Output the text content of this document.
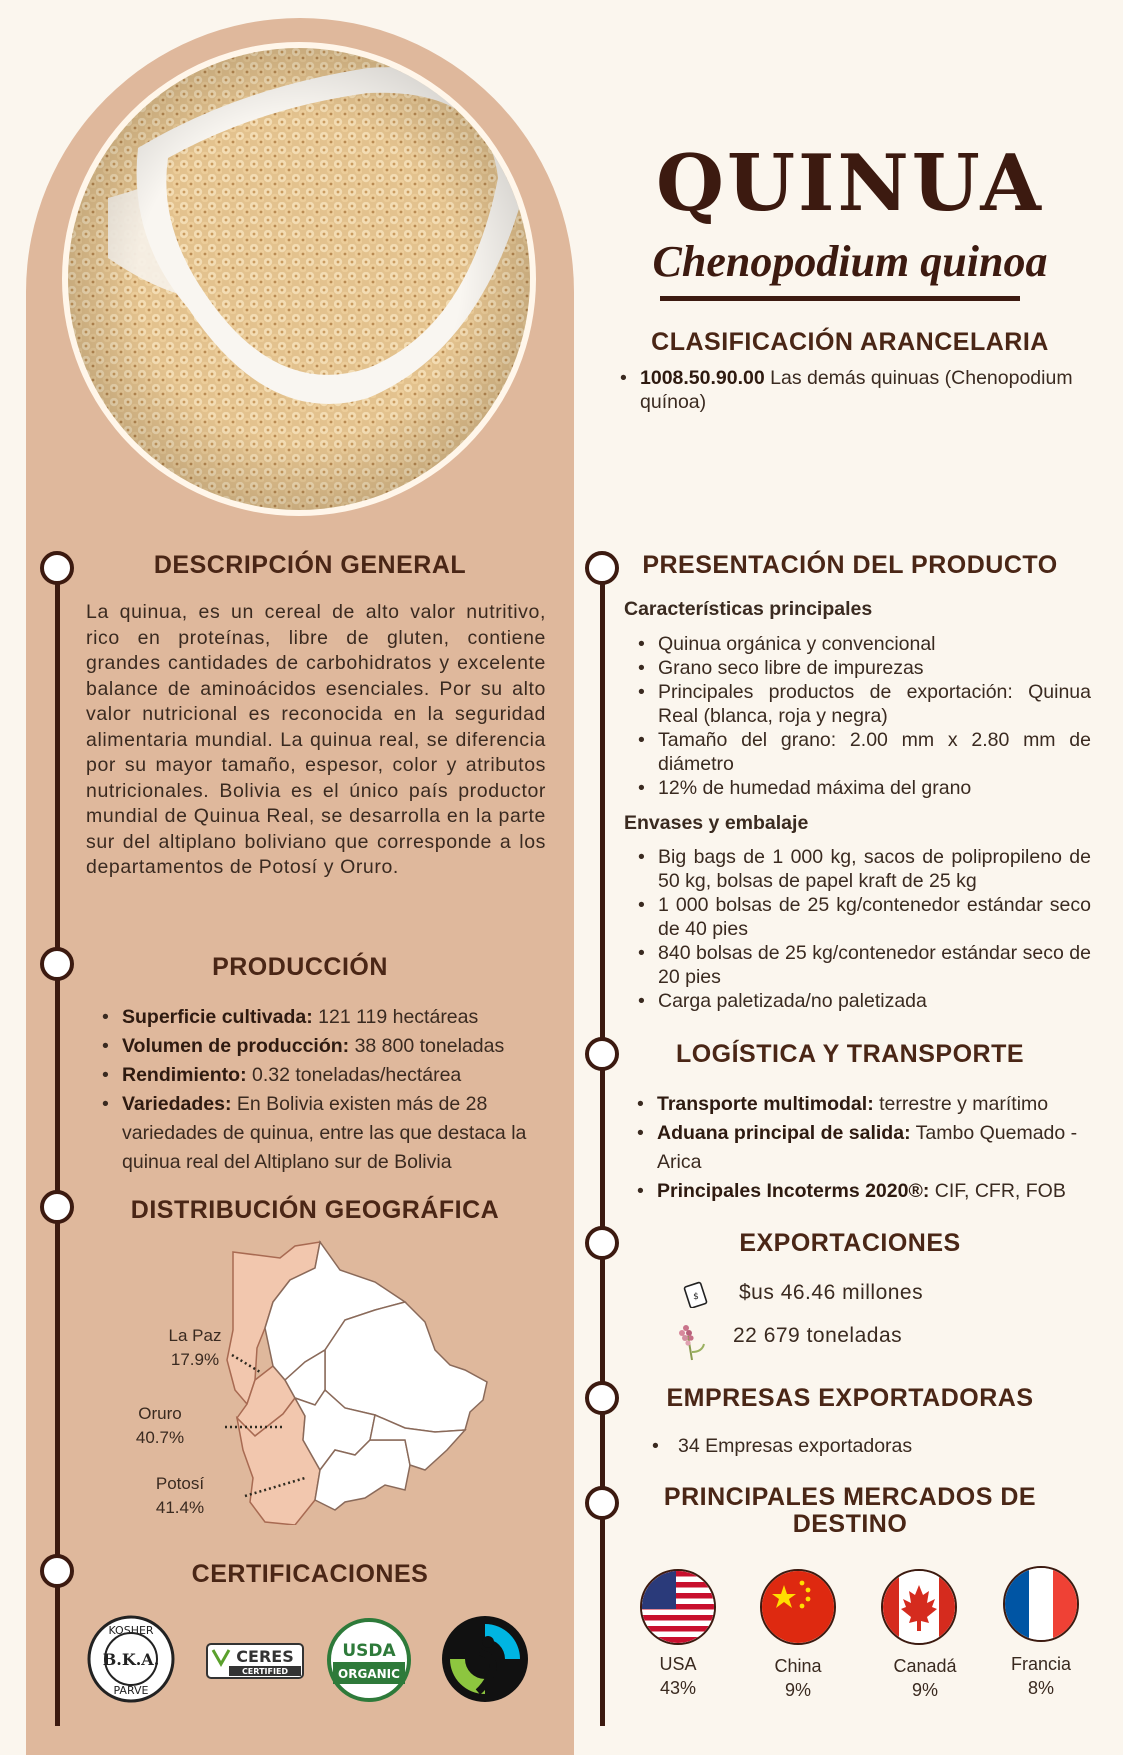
QUINUA
Chenopodium quinoa
CLASIFICACIÓN ARANCELARIA
• 1008.50.90.00 Las demás quinuas (Chenopodium quínoa)
DESCRIPCIÓN GENERAL

La quinua, es un cereal de alto valor nutritivo, rico en proteínas, libre de gluten, contiene grandes cantidades de carbohidratos y excelente balance de aminoácidos esenciales. Por su alto valor nutricional es reconocida en la seguridad alimentaria mundial. La quinua real, se diferencia por su mayor tamaño, espesor, color y atributos nutricionales. Bolivia es el único país productor mundial de Quinua Real, se desarrolla en la parte sur del altiplano boliviano que corresponde a los departamentos de Potosí y Oruro.

PRODUCCIÓN
• Superficie cultivada: 121 119 hectáreas
• Volumen de producción: 38 800 toneladas
• Rendimiento: 0.32 toneladas/hectárea
• Variedades: En Bolivia existen más de 28 variedades de quinua, entre las que destaca la quinua real del Altiplano sur de Bolivia
DISTRIBUCIÓN GEOGRÁFICA
La Paz
17.9%
Oruro
40.7%
Potosí
41.4%
CERTIFICACIONES
KOSHER
B.K.A.
PARVE
CERES
CERTIFIED
USDA
ORGANIC
PRESENTACIÓN DEL PRODUCTO
Características principales
• Quinua orgánica y convencional
• Grano seco libre de impurezas
• Principales productos de exportación: Quinua Real (blanca, roja y negra)
• Tamaño del grano: 2.00 mm x 2.80 mm de diámetro
• 12% de humedad máxima del grano
Envases y embalaje
• Big bags de 1 000 kg, sacos de polipropileno de 50 kg, bolsas de papel kraft de 25 kg
• 1 000 bolsas de 25 kg/contenedor estándar seco de 40 pies
• 840 bolsas de 25 kg/contenedor estándar seco de 20 pies
• Carga paletizada/no paletizada
LOGÍSTICA Y TRANSPORTE
• Transporte multimodal: terrestre y marítimo
• Aduana principal de salida: Tambo Quemado - Arica
• Principales Incoterms 2020®: CIF, CFR, FOB
EXPORTACIONES
$ $us 46.46 millones
22 679 toneladas
EMPRESAS EXPORTADORAS
• 34 Empresas exportadoras
PRINCIPALES MERCADOS DE DESTINO
USA
43%
China
9%
Canadá
9%
Francia
8%
